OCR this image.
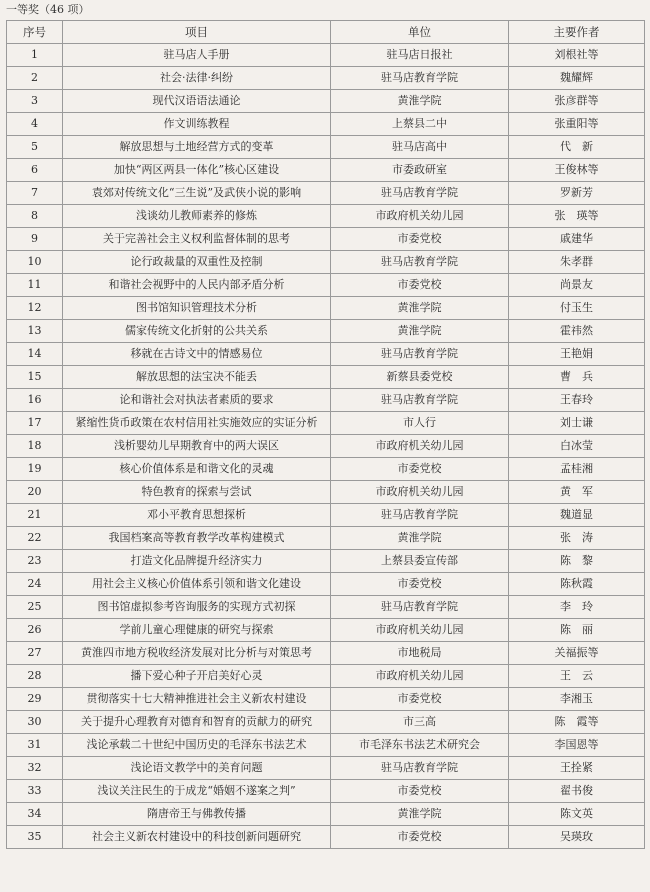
一等奖（46 项）
序号	项目	单位	主要作者
1	驻马店人手册	驻马店日报社	刘根社等
2	社会·法律·纠纷	驻马店教育学院	魏耀辉
3	现代汉语语法通论	黄淮学院	张彦群等
4	作文训练教程	上蔡县二中	张重阳等
5	解放思想与土地经营方式的变革	驻马店高中	代　新
6	加快“两区两县一体化”核心区建设	市委政研室	王俊林等
7	袁郊对传统文化“三生说”及武侠小说的影响	驻马店教育学院	罗新芳
8	浅谈幼儿教师素养的修炼	市政府机关幼儿园	张　瑛等
9	关于完善社会主义权利监督体制的思考	市委党校	戚建华
10	论行政裁量的双重性及控制	驻马店教育学院	朱孝群
11	和谐社会视野中的人民内部矛盾分析	市委党校	尚景友
12	图书馆知识管理技术分析	黄淮学院	付玉生
13	儒家传统文化折射的公共关系	黄淮学院	霍祎然
14	移就在古诗文中的情感易位	驻马店教育学院	王艳娟
15	解放思想的法宝决不能丢	新蔡县委党校	曹　兵
16	论和谐社会对执法者素质的要求	驻马店教育学院	王春玲
17	紧缩性货币政策在农村信用社实施效应的实证分析	市人行	刘士谦
18	浅析婴幼儿早期教育中的两大误区	市政府机关幼儿园	白冰莹
19	核心价值体系是和谐文化的灵魂	市委党校	孟桂湘
20	特色教育的探索与尝试	市政府机关幼儿园	黄　军
21	邓小平教育思想探析	驻马店教育学院	魏道显
22	我国档案高等教育教学改革构建模式	黄淮学院	张　涛
23	打造文化品牌提升经济实力	上蔡县委宣传部	陈　黎
24	用社会主义核心价值体系引领和谐文化建设	市委党校	陈秋霞
25	图书馆虚拟参考咨询服务的实现方式初探	驻马店教育学院	李　玲
26	学前儿童心理健康的研究与探索	市政府机关幼儿园	陈　丽
27	黄淮四市地方税收经济发展对比分析与对策思考	市地税局	关福振等
28	播下爱心种子开启美好心灵	市政府机关幼儿园	王　云
29	贯彻落实十七大精神推进社会主义新农村建设	市委党校	李湘玉
30	关于提升心理教育对德育和智育的贡献力的研究	市三高	陈　霞等
31	浅论承载二十世纪中国历史的毛泽东书法艺术	市毛泽东书法艺术研究会	李国恩等
32	浅论语文教学中的美育问题	驻马店教育学院	王拴紧
33	浅议关注民生的于成龙“婚姻不遂案之判”	市委党校	翟书俊
34	隋唐帝王与佛教传播	黄淮学院	陈文英
35	社会主义新农村建设中的科技创新问题研究	市委党校	吴瑛玫
